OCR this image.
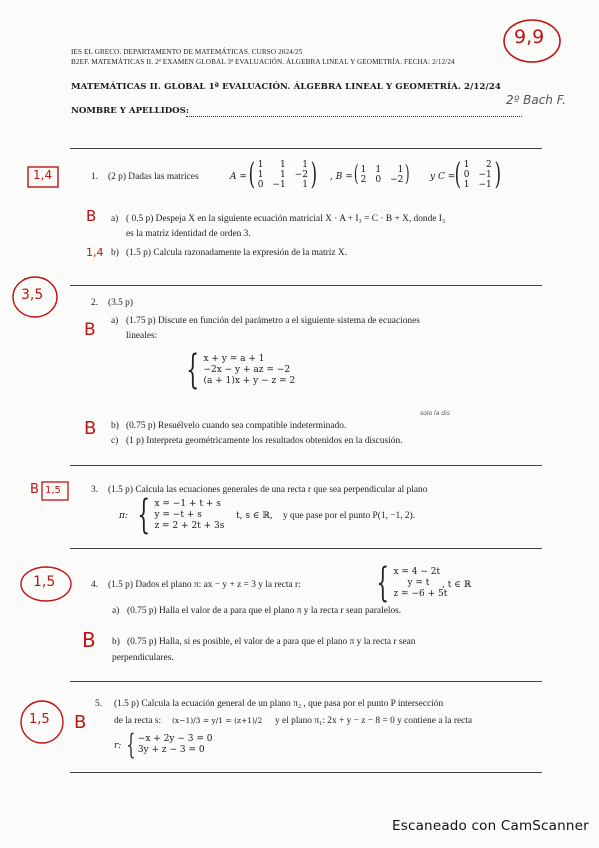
IES EL GRECO. DEPARTAMENTO DE MATEMÁTICAS. CURSO 2024/25
B2EF. MATEMÁTICAS II. 2ª EXAMEN GLOBAL 3ª EVALUACIÓN. ÁLGEBRA LINEAL Y GEOMETRÍA. FECHA: 2/12/24
9,9
MATEMÁTICAS II. GLOBAL 1ª EVALUACIÓN. ÁLGEBRA LINEAL Y GEOMETRÍA. 2/12/24
NOMBRE Y APELLIDOS:
2º Bach F.
1,4	1. (2 p) Dadas las matrices	A = ( 1	1	1
1	1 −2
0 −1	1 ) , B = ( 1 1	1
2 0 −2 ) y C = ( 1	2
0 −1
1 −1 )
B a) ( 0.5 p) Despeja X en la siguiente ecuación matricial X · A + I₃ = C · B + X, donde I₃
es la matriz identidad de orden 3.
1,4 b) (1.5 p) Calcula razonadamente la expresión de la matriz X.
3,5	2. (3.5 p)
B a) (1.75 p) Discute en función del parámetro a el siguiente sistema de ecuaciones
lineales:
{ x + y = a + 1
−2x − y + az = −2
(a + 1)x + y − z = 2
B b) (0.75 p) Resuélvelo cuando sea compatible indeterminado.
solo la dis
c) (1 p) Interpreta geométricamente los resultados obtenidos en la discusión.
B 1,5	3. (1.5 p) Calcula las ecuaciones generales de una recta r que sea perpendicular al plano
π: { x = −1 + t + s
y = −t + s
z = 2 + 2t + 3s
t, s ∈ ℝ, y que pase por el punto P(1, −1, 2).
1,5	4. (1.5 p) Dados el plano π: ax − y + z = 3 y la recta r: { x = 4 − 2t
y = t
z = −6 + 5t
, t ∈ ℝ
a) (0.75 p) Halla el valor de a para que el plano π y la recta r sean paralelos.
B b) (0.75 p) Halla, si es posible, el valor de a para que el plano π y la recta r sean
perpendiculares.
1,5 B
5. (1.5 p) Calcula la ecuación general de un plano π₂ , que pasa por el punto P intersección
de la recta s: (x−1)/3 = y/1 = (z+1)/2 y el plano π₁: 2x + y − z − 8 = 0 y contiene a la recta
r: { −x + 2y − 3 = 0
3y + z − 3 = 0
Escaneado con CamScanner
